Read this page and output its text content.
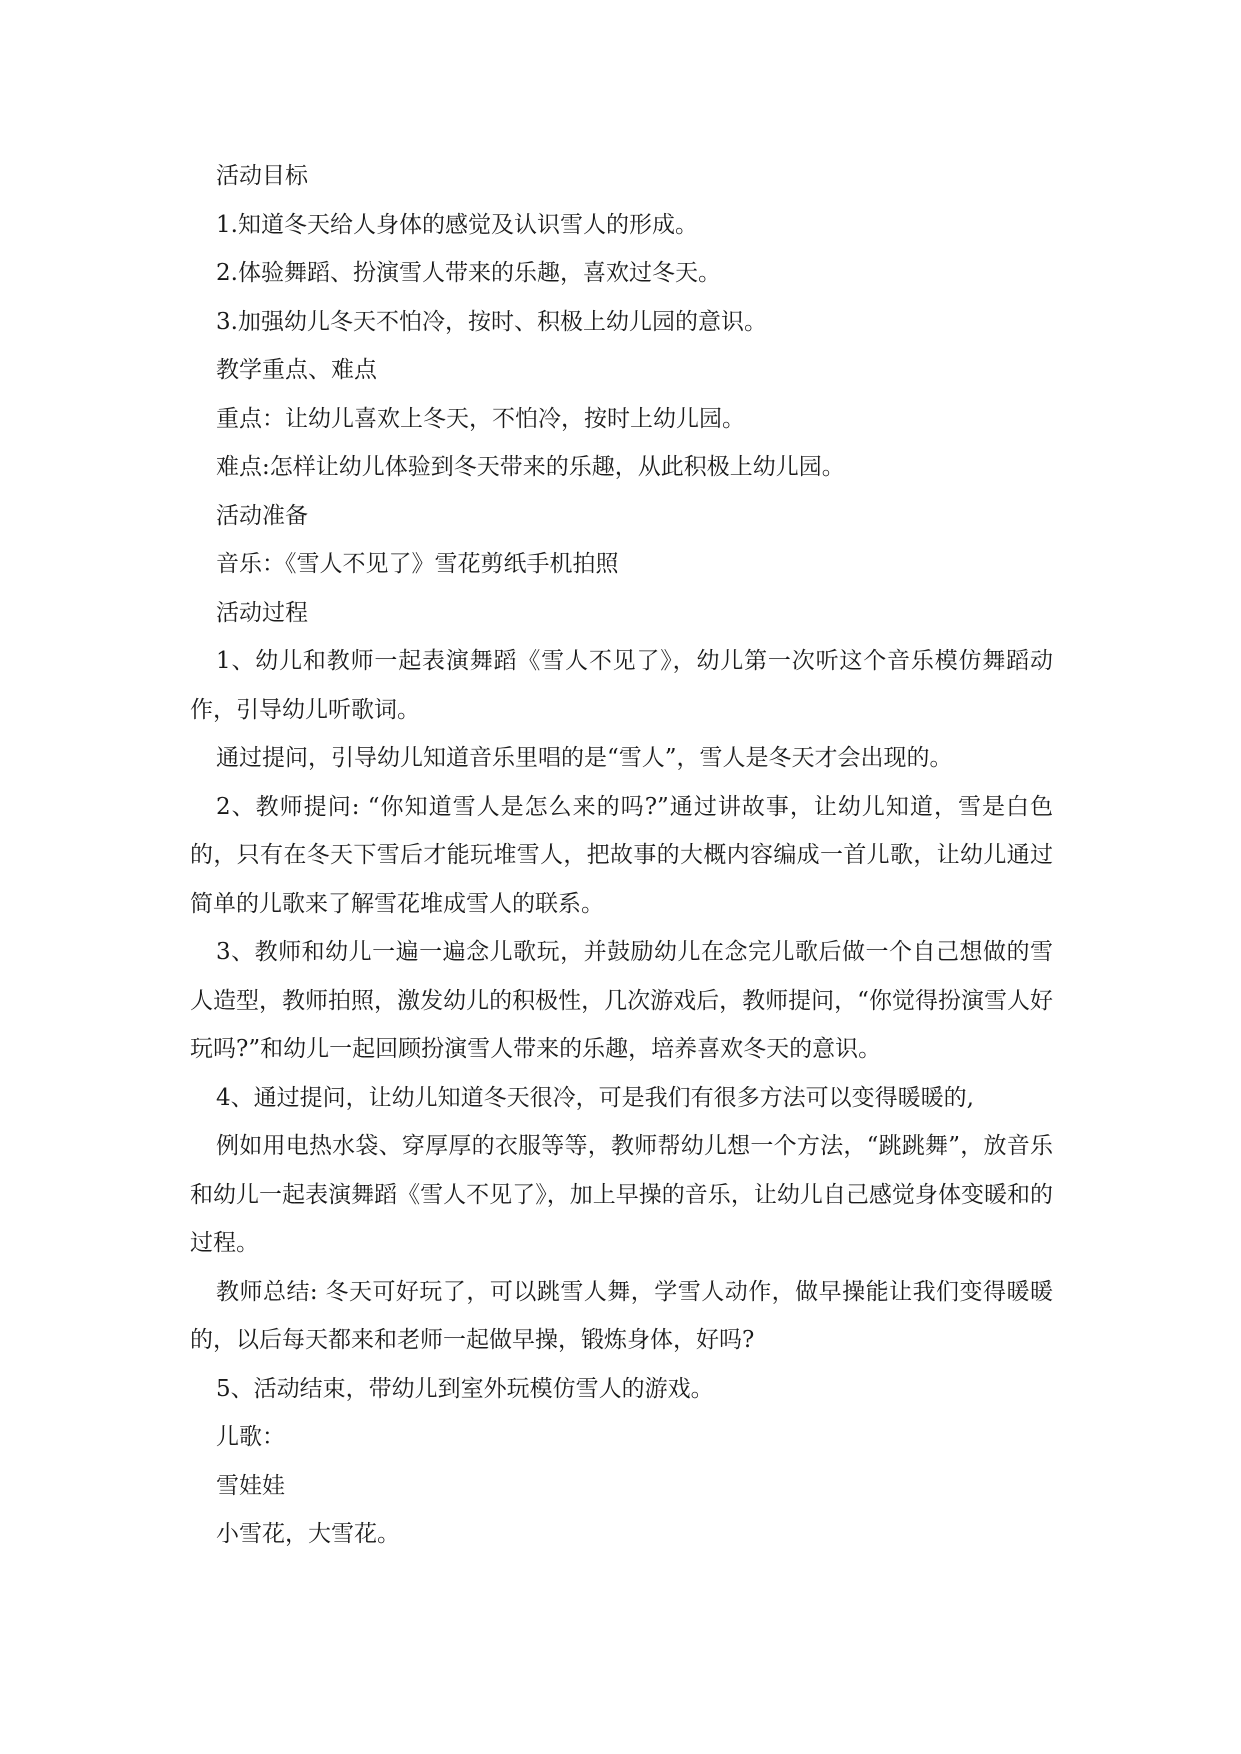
活动目标

1.知道冬天给人身体的感觉及认识雪人的形成。

2.体验舞蹈、扮演雪人带来的乐趣，喜欢过冬天。

3.加强幼儿冬天不怕冷，按时、积极上幼儿园的意识。

教学重点、难点

重点：让幼儿喜欢上冬天，不怕冷，按时上幼儿园。

难点:怎样让幼儿体验到冬天带来的乐趣，从此积极上幼儿园。

活动准备

音乐：《雪人不见了》雪花剪纸手机拍照

活动过程

1、幼儿和教师一起表演舞蹈《雪人不见了》，幼儿第一次听这个音乐模仿舞蹈动作，引导幼儿听歌词。

通过提问，引导幼儿知道音乐里唱的是“雪人”，雪人是冬天才会出现的。

2、教师提问: “你知道雪人是怎么来的吗?”通过讲故事，让幼儿知道，雪是白色的，只有在冬天下雪后才能玩堆雪人，把故事的大概内容编成一首儿歌，让幼儿通过简单的儿歌来了解雪花堆成雪人的联系。

3、教师和幼儿一遍一遍念儿歌玩，并鼓励幼儿在念完儿歌后做一个自己想做的雪人造型，教师拍照，激发幼儿的积极性，几次游戏后，教师提问，“你觉得扮演雪人好玩吗?”和幼儿一起回顾扮演雪人带来的乐趣，培养喜欢冬天的意识。

4、通过提问，让幼儿知道冬天很冷，可是我们有很多方法可以变得暖暖的,

例如用电热水袋、穿厚厚的衣服等等，教师帮幼儿想一个方法，“跳跳舞”，放音乐和幼儿一起表演舞蹈《雪人不见了》，加上早操的音乐，让幼儿自己感觉身体变暖和的过程。

教师总结: 冬天可好玩了，可以跳雪人舞，学雪人动作，做早操能让我们变得暖暖的，以后每天都来和老师一起做早操，锻炼身体，好吗?

5、活动结束，带幼儿到室外玩模仿雪人的游戏。

儿歌：

雪娃娃

小雪花，大雪花。
